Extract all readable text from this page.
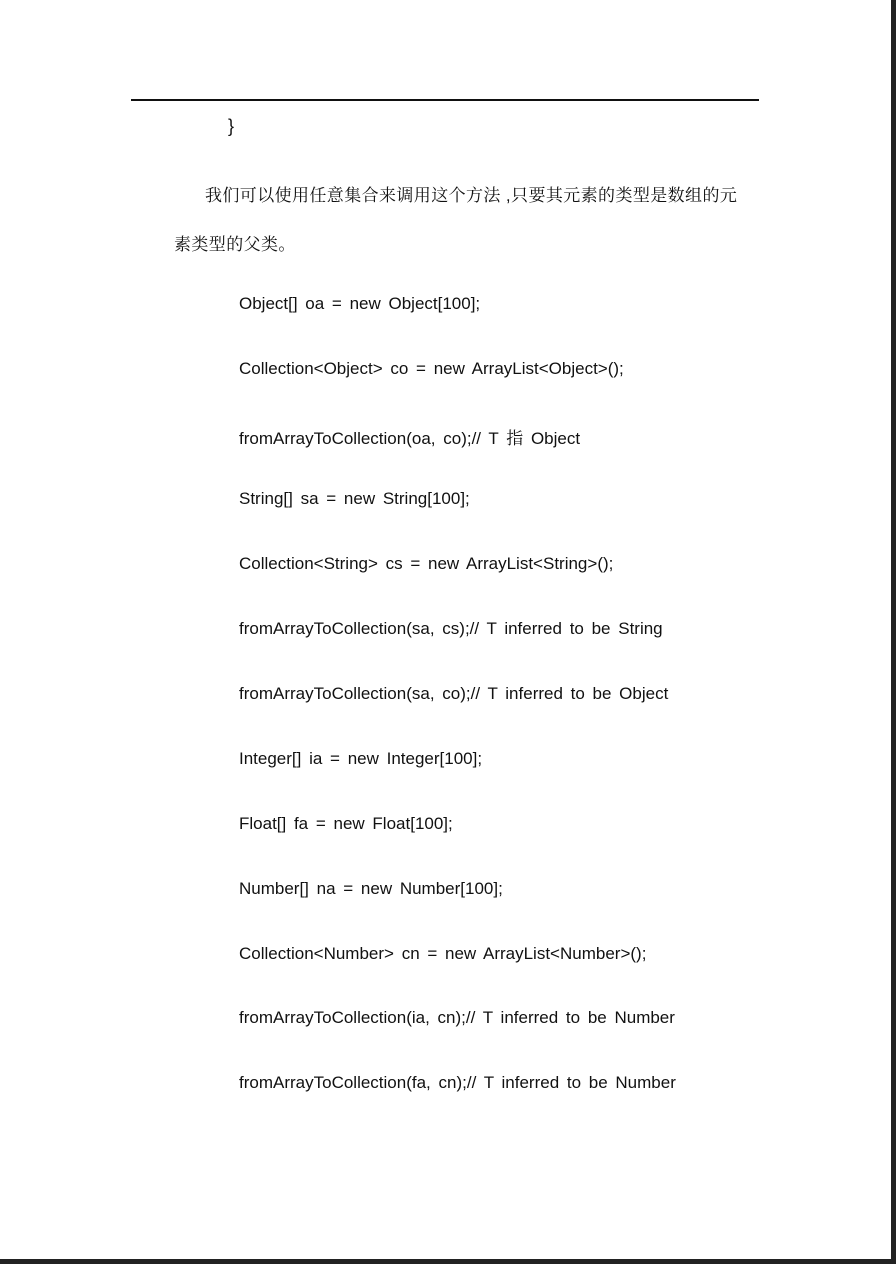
}
我们可以使用任意集合来调用这个方法 ,只要其元素的类型是数组的元
素类型的父类。
Object[] oa = new Object[100];
Collection<Object> co = new ArrayList<Object>();
fromArrayToCollection(oa, co);// T 指 Object
String[] sa = new String[100];
Collection<String> cs = new ArrayList<String>();
fromArrayToCollection(sa, cs);// T inferred to be String
fromArrayToCollection(sa, co);// T inferred to be Object
Integer[] ia = new Integer[100];
Float[] fa = new Float[100];
Number[] na = new Number[100];
Collection<Number> cn = new ArrayList<Number>();
fromArrayToCollection(ia, cn);// T inferred to be Number
fromArrayToCollection(fa, cn);// T inferred to be Number
